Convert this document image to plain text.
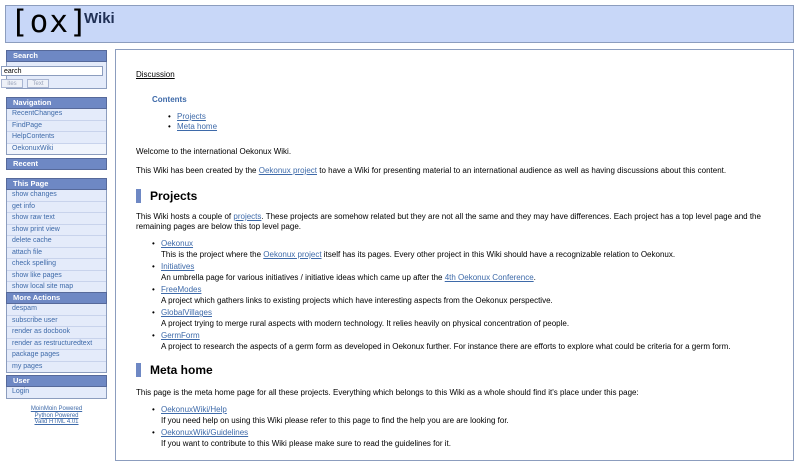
[ox]
Wiki
Search
earch
ites	Text
Navigation
RecentChanges
FindPage
HelpContents
OekonuxWiki
Recent
This Page
show changes
get info
show raw text
show print view
delete cache
attach file
check spelling
show like pages
show local site map
More Actions
despam
subscribe user
render as docbook
render as restructuredtext
package pages
my pages
User
Login
MoinMoin Powered
Python Powered
Valid HTML 4.01
Discussion
Contents
• Projects
• Meta home
Welcome to the international Oekonux Wiki.
This Wiki has been created by the Oekonux project to have a Wiki for presenting material to an international audience as well as having discussions about this content.
Projects
This Wiki hosts a couple of projects. These projects are somehow related but they are not all the same and they may have differences. Each project has a top level page and the
remaining pages are below this top level page.
• Oekonux
This is the project where the Oekonux project itself has its pages. Every other project in this Wiki should have a recognizable relation to Oekonux.
• Initiatives
An umbrella page for various initiatives / initiative ideas which came up after the 4th Oekonux Conference.
• FreeModes
A project which gathers links to existing projects which have interesting aspects from the Oekonux perspective.
• GlobalVillages
A project trying to merge rural aspects with modern technology. It relies heavily on physical concentration of people.
• GermForm
A project to research the aspects of a germ form as developed in Oekonux further. For instance there are efforts to explore what could be criteria for a germ form.
Meta home
This page is the meta home page for all these projects. Everything which belongs to this Wiki as a whole should find it's place under this page:
• OekonuxWiki/Help
If you need help on using this Wiki please refer to this page to find the help you are are looking for.
• OekonuxWiki/Guidelines
If you want to contribute to this Wiki please make sure to read the guidelines for it.
